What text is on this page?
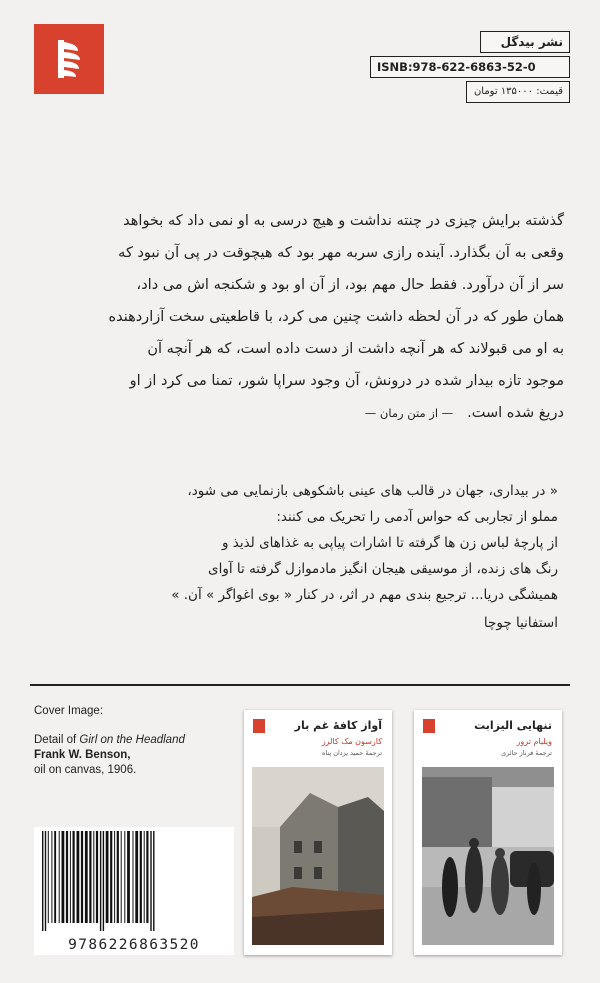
نشر بیدگل
ISNB:978-622-6863-52-0
قیمت: ۱۳۵۰۰۰ تومان

گذشته برایش چیزی در چنته نداشت و هیچ درسی به او نمی داد که بخواهد

وقعی به آن بگذارد. آینده رازی سربه مهر بود که هیچوقت در پی آن نبود که

سر از آن درآورد. فقط حال مهم بود، از آن او بود و شکنجه اش می داد،

همان طور که در آن لحظه داشت چنین می کرد، با قاطعیتی سخت آزاردهنده

به او می قبولاند که هر آنچه داشت از دست داده است، که هر آنچه آن

موجود تازه بیدار شده در درونش، آن وجود سراپا شور، تمنا می کرد از او

دریغ شده است.— از متن رمان —

« در بیداری، جهان در قالب های عینی باشکوهی بازنمایی می شود،

مملو از تجاربی که حواس آدمی را تحریک می کنند:

از پارچهٔ لباس زن ها گرفته تا اشارات پیاپی به غذاهای لذیذ و

رنگ های زنده، از موسیقی هیجان انگیز مادموازل گرفته تا آوای

همیشگی دریا... ترجیع بندی مهم در اثر، در کنار « بوی اغواگر » آن. »

استفانیا چوچا

Cover Image:
Detail of Girl on the Headland
Frank W. Benson,
oil on canvas, 1906.
آواز کافهٔ غم بار
کارسون مک کالرز
ترجمهٔ حمید یزدان پناه
تنهایی الیزابت
ویلیام ترور
ترجمهٔ فرناز حائری
9786226863520
